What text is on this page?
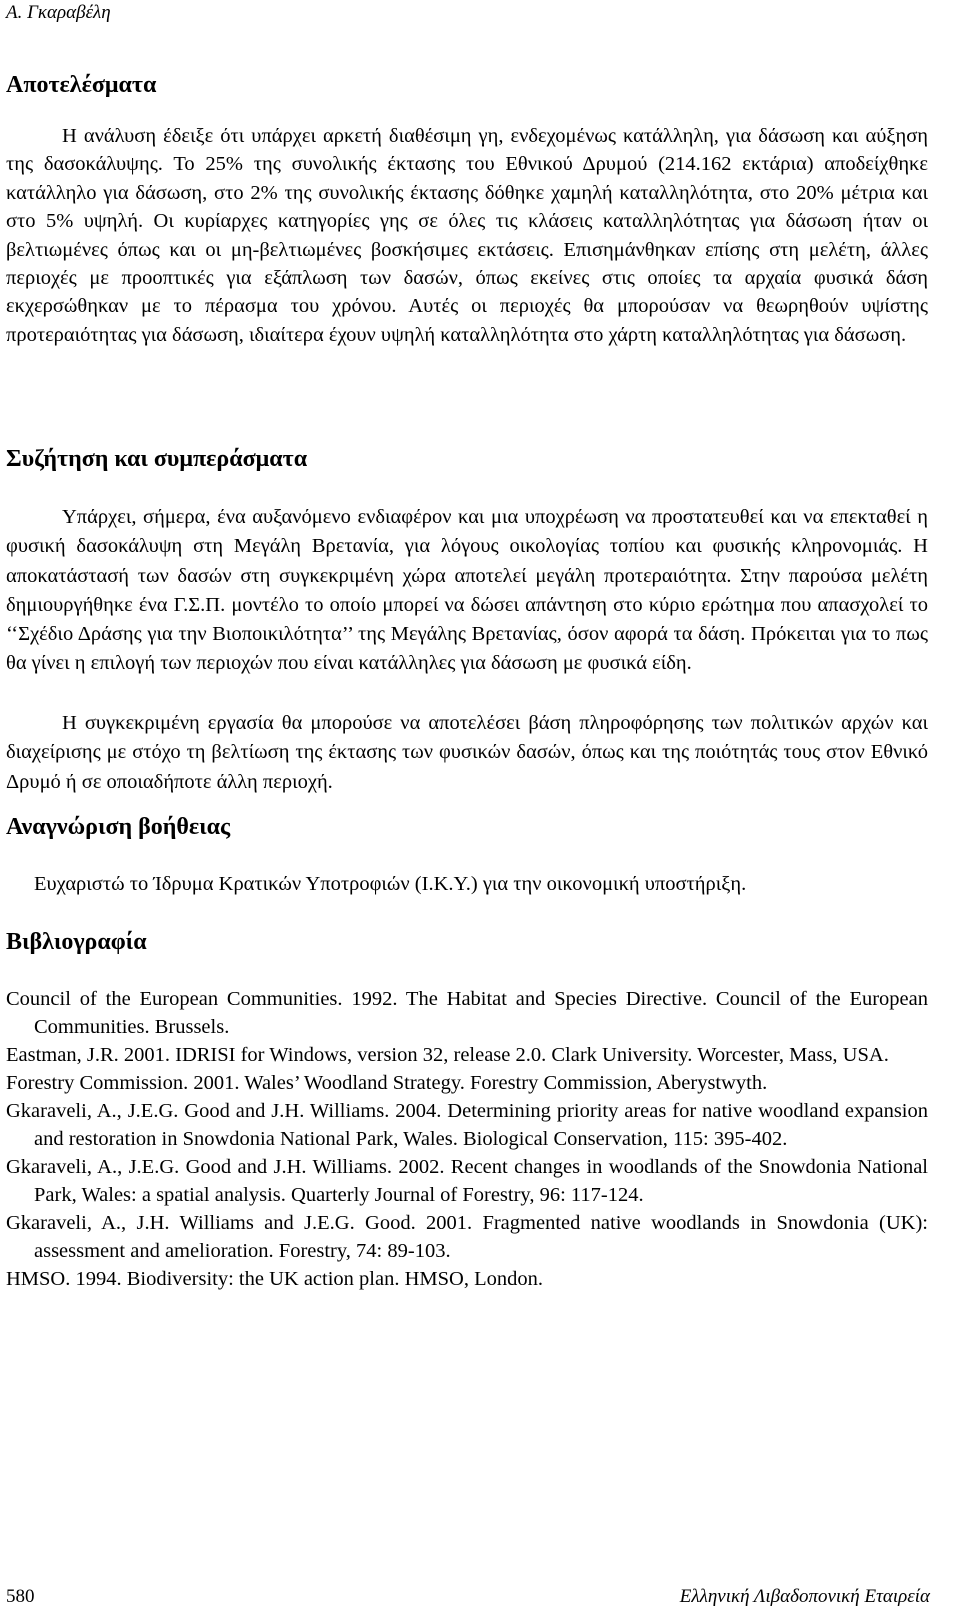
Α. Γκαραβέλη
Αποτελέσματα

Η ανάλυση έδειξε ότι υπάρχει αρκετή διαθέσιμη γη, ενδεχομένως κατάλληλη, για δάσωση και αύξηση της δασοκάλυψης. Το 25% της συνολικής έκτασης του Εθνικού Δρυμού (214.162 εκτάρια) αποδείχθηκε κατάλληλο για δάσωση, στο 2% της συνολικής έκτασης δόθηκε χαμηλή καταλληλότητα, στο 20% μέτρια και στο 5% υψηλή. Οι κυρίαρχες κατηγορίες γης σε όλες τις κλάσεις καταλληλότητας για δάσωση ήταν οι βελτιωμένες όπως και οι μη-βελτιωμένες βοσκήσιμες εκτάσεις. Επισημάνθηκαν επίσης στη μελέτη, άλλες περιοχές με προοπτικές για εξάπλωση των δασών, όπως εκείνες στις οποίες τα αρχαία φυσικά δάση εκχερσώθηκαν με το πέρασμα του χρόνου. Αυτές οι περιοχές θα μπορούσαν να θεωρηθούν υψίστης προτεραιότητας για δάσωση, ιδιαίτερα έχουν υψηλή καταλληλότητα στο χάρτη καταλληλότητας για δάσωση.

Συζήτηση και συμπεράσματα

Υπάρχει, σήμερα, ένα αυξανόμενο ενδιαφέρον και μια υποχρέωση να προστατευθεί και να επεκταθεί η φυσική δασοκάλυψη στη Μεγάλη Βρετανία, για λόγους οικολογίας τοπίου και φυσικής κληρονομιάς. Η αποκατάστασή των δασών στη συγκεκριμένη χώρα αποτελεί μεγάλη προτεραιότητα. Στην παρούσα μελέτη δημιουργήθηκε ένα Γ.Σ.Π. μοντέλο το οποίο μπορεί να δώσει απάντηση στο κύριο ερώτημα που απασχολεί το ‘‘Σχέδιο Δράσης για την Βιοποικιλότητα’’ της Μεγάλης Βρετανίας, όσον αφορά τα δάση. Πρόκειται για το πως θα γίνει η επιλογή των περιοχών που είναι κατάλληλες για δάσωση με φυσικά είδη.

Η συγκεκριμένη εργασία θα μπορούσε να αποτελέσει βάση πληροφόρησης των πολιτικών αρχών και διαχείρισης με στόχο τη βελτίωση της έκτασης των φυσικών δασών, όπως και της ποιότητάς τους στον Εθνικό Δρυμό ή σε οποιαδήποτε άλλη περιοχή.

Αναγνώριση βοήθειας

Ευχαριστώ το Ίδρυμα Κρατικών Υποτροφιών (Ι.Κ.Υ.) για την οικονομική υποστήριξη.

Βιβλιογραφία
Council of the European Communities. 1992. The Habitat and Species Directive. Council of the European Communities. Brussels.
Eastman, J.R. 2001. IDRISI for Windows, version 32, release 2.0. Clark University. Worcester, Mass, USA.
Forestry Commission. 2001. Wales’ Woodland Strategy. Forestry Commission, Aberystwyth.
Gkaraveli, A., J.E.G. Good and J.H. Williams. 2004. Determining priority areas for native woodland expansion and restoration in Snowdonia National Park, Wales. Biological Conservation, 115: 395-402.
Gkaraveli, A., J.E.G. Good and J.H. Williams. 2002. Recent changes in woodlands of the Snowdonia National Park, Wales: a spatial analysis. Quarterly Journal of Forestry, 96: 117-124.
Gkaraveli, A., J.H. Williams and J.E.G. Good. 2001. Fragmented native woodlands in Snowdonia (UK): assessment and amelioration. Forestry, 74: 89-103.
HMSO. 1994. Biodiversity: the UK action plan. HMSO, London.
580	Ελληνική Λιβαδοπονική Εταιρεία
